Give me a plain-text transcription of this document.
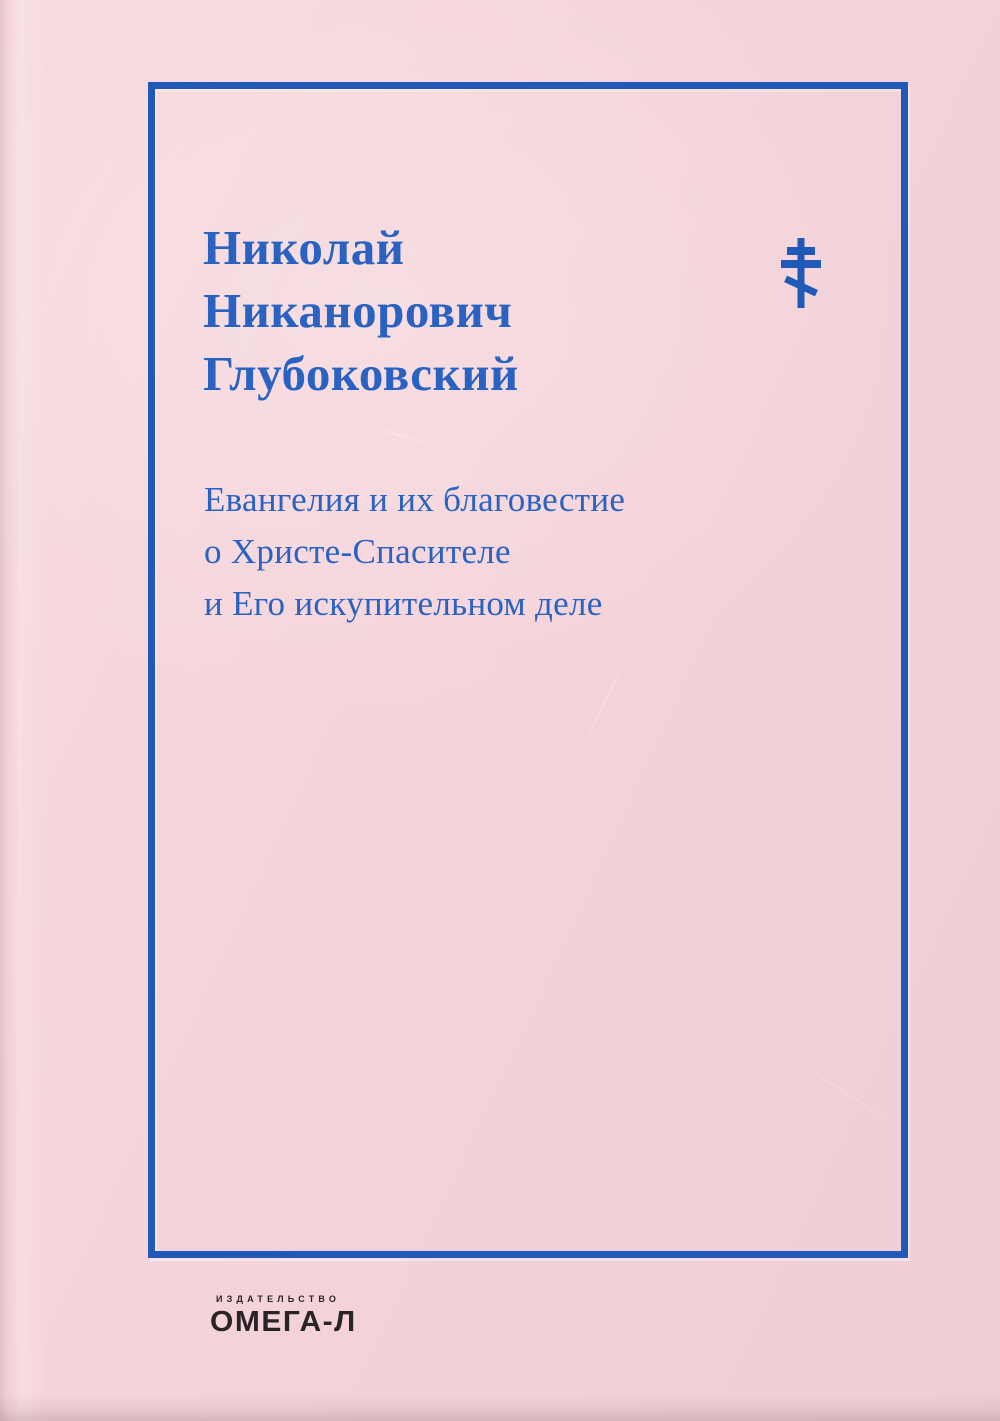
Николай
Никанорович
Глубоковский
Евангелия и их благовестие
о Христе-Спасителе
и Его искупительном деле
ИЗДАТЕЛЬСТВО
ОМЕГА-Л
